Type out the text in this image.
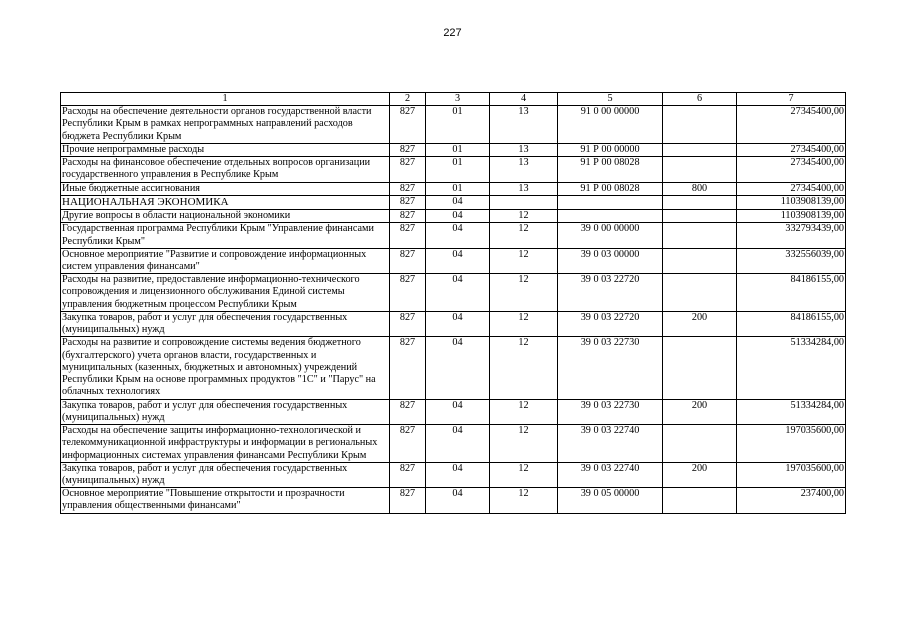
227
1	2	3	4	5	6	7
Расходы на обеспечение деятельности органов государственной власти Республики Крым в рамках непрограммных направлений расходов бюджета Республики Крым	827	01	13	91 0 00 00000		27345400,00
Прочие непрограммные расходы	827	01	13	91 Р 00 00000		27345400,00
Расходы на финансовое обеспечение отдельных вопросов организации государственного управления в Республике Крым	827	01	13	91 Р 00 08028		27345400,00
Иные бюджетные ассигнования	827	01	13	91 Р 00 08028	800	27345400,00
НАЦИОНАЛЬНАЯ ЭКОНОМИКА	827	04				1103908139,00
Другие вопросы в области национальной экономики	827	04	12			1103908139,00
Государственная программа Республики Крым "Управление финансами Республики Крым"	827	04	12	39 0 00 00000		332793439,00
Основное мероприятие "Развитие и сопровождение информационных систем управления финансами"	827	04	12	39 0 03 00000		332556039,00
Расходы на развитие, предоставление информационно-технического сопровождения и лицензионного обслуживания Единой системы управления бюджетным процессом Республики Крым	827	04	12	39 0 03 22720		84186155,00
Закупка товаров, работ и услуг для обеспечения государственных (муниципальных) нужд	827	04	12	39 0 03 22720	200	84186155,00
Расходы на развитие и сопровождение системы ведения бюджетного (бухгалтерского) учета органов власти, государственных и муниципальных (казенных, бюджетных и автономных) учреждений Республики Крым на основе программных продуктов "1С" и "Парус" на облачных технологиях	827	04	12	39 0 03 22730		51334284,00
Закупка товаров, работ и услуг для обеспечения государственных (муниципальных) нужд	827	04	12	39 0 03 22730	200	51334284,00
Расходы на обеспечение защиты информационно-технологической и телекоммуникационной инфраструктуры и информации в региональных информационных системах управления финансами Республики Крым	827	04	12	39 0 03 22740		197035600,00
Закупка товаров, работ и услуг для обеспечения государственных (муниципальных) нужд	827	04	12	39 0 03 22740	200	197035600,00
Основное мероприятие "Повышение открытости и прозрачности управления общественными финансами"	827	04	12	39 0 05 00000		237400,00
